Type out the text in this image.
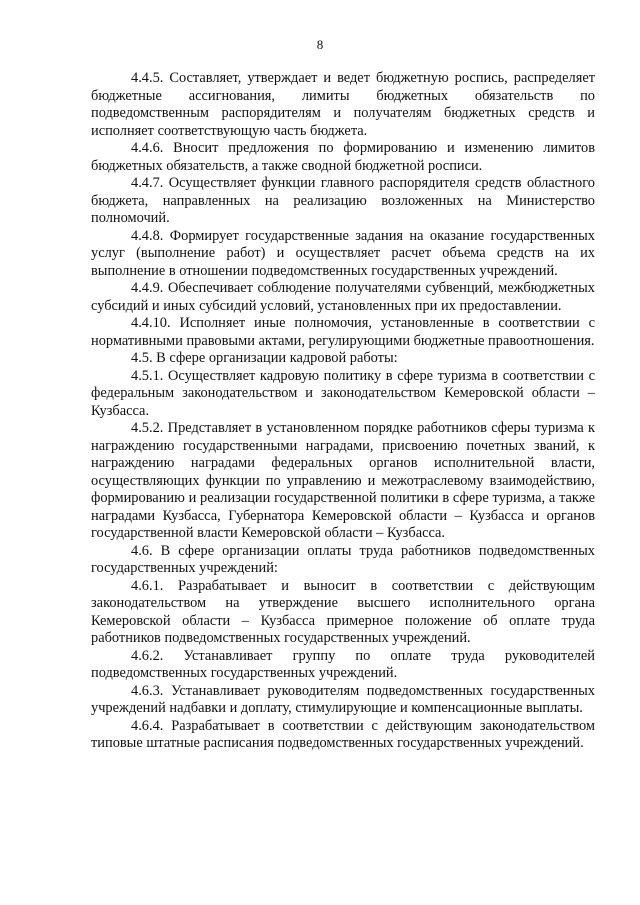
8

4.4.5. Составляет, утверждает и ведет бюджетную роспись, распределяет бюджетные ассигнования, лимиты бюджетных обязательств по подведомственным распорядителям и получателям бюджетных средств и исполняет соответствующую часть бюджета.

4.4.6. Вносит предложения по формированию и изменению лимитов бюджетных обязательств, а также сводной бюджетной росписи.

4.4.7. Осуществляет функции главного распорядителя средств областного бюджета, направленных на реализацию возложенных на Министерство полномочий.

4.4.8. Формирует государственные задания на оказание государственных услуг (выполнение работ) и осуществляет расчет объема средств на их выполнение в отношении подведомственных государственных учреждений.

4.4.9. Обеспечивает соблюдение получателями субвенций, межбюджетных субсидий и иных субсидий условий, установленных при их предоставлении.

4.4.10. Исполняет иные полномочия, установленные в соответствии с нормативными правовыми актами, регулирующими бюджетные правоотношения.

4.5. В сфере организации кадровой работы:

4.5.1. Осуществляет кадровую политику в сфере туризма в соответствии с федеральным законодательством и законодательством Кемеровской области – Кузбасса.

4.5.2. Представляет в установленном порядке работников сферы туризма к награждению государственными наградами, присвоению почетных званий, к награждению наградами федеральных органов исполнительной власти, осуществляющих функции по управлению и межотраслевому взаимодействию, формированию и реализации государственной политики в сфере туризма, а также наградами Кузбасса, Губернатора Кемеровской области – Кузбасса и органов государственной власти Кемеровской области – Кузбасса.

4.6. В сфере организации оплаты труда работников подведомственных государственных учреждений:

4.6.1. Разрабатывает и выносит в соответствии с действующим законодательством на утверждение высшего исполнительного органа Кемеровской области – Кузбасса примерное положение об оплате труда работников подведомственных государственных учреждений.

4.6.2. Устанавливает группу по оплате труда руководителей подведомственных государственных учреждений.

4.6.3. Устанавливает руководителям подведомственных государственных учреждений надбавки и доплату, стимулирующие и компенсационные выплаты.

4.6.4. Разрабатывает в соответствии с действующим законодательством типовые штатные расписания подведомственных государственных учреждений.
